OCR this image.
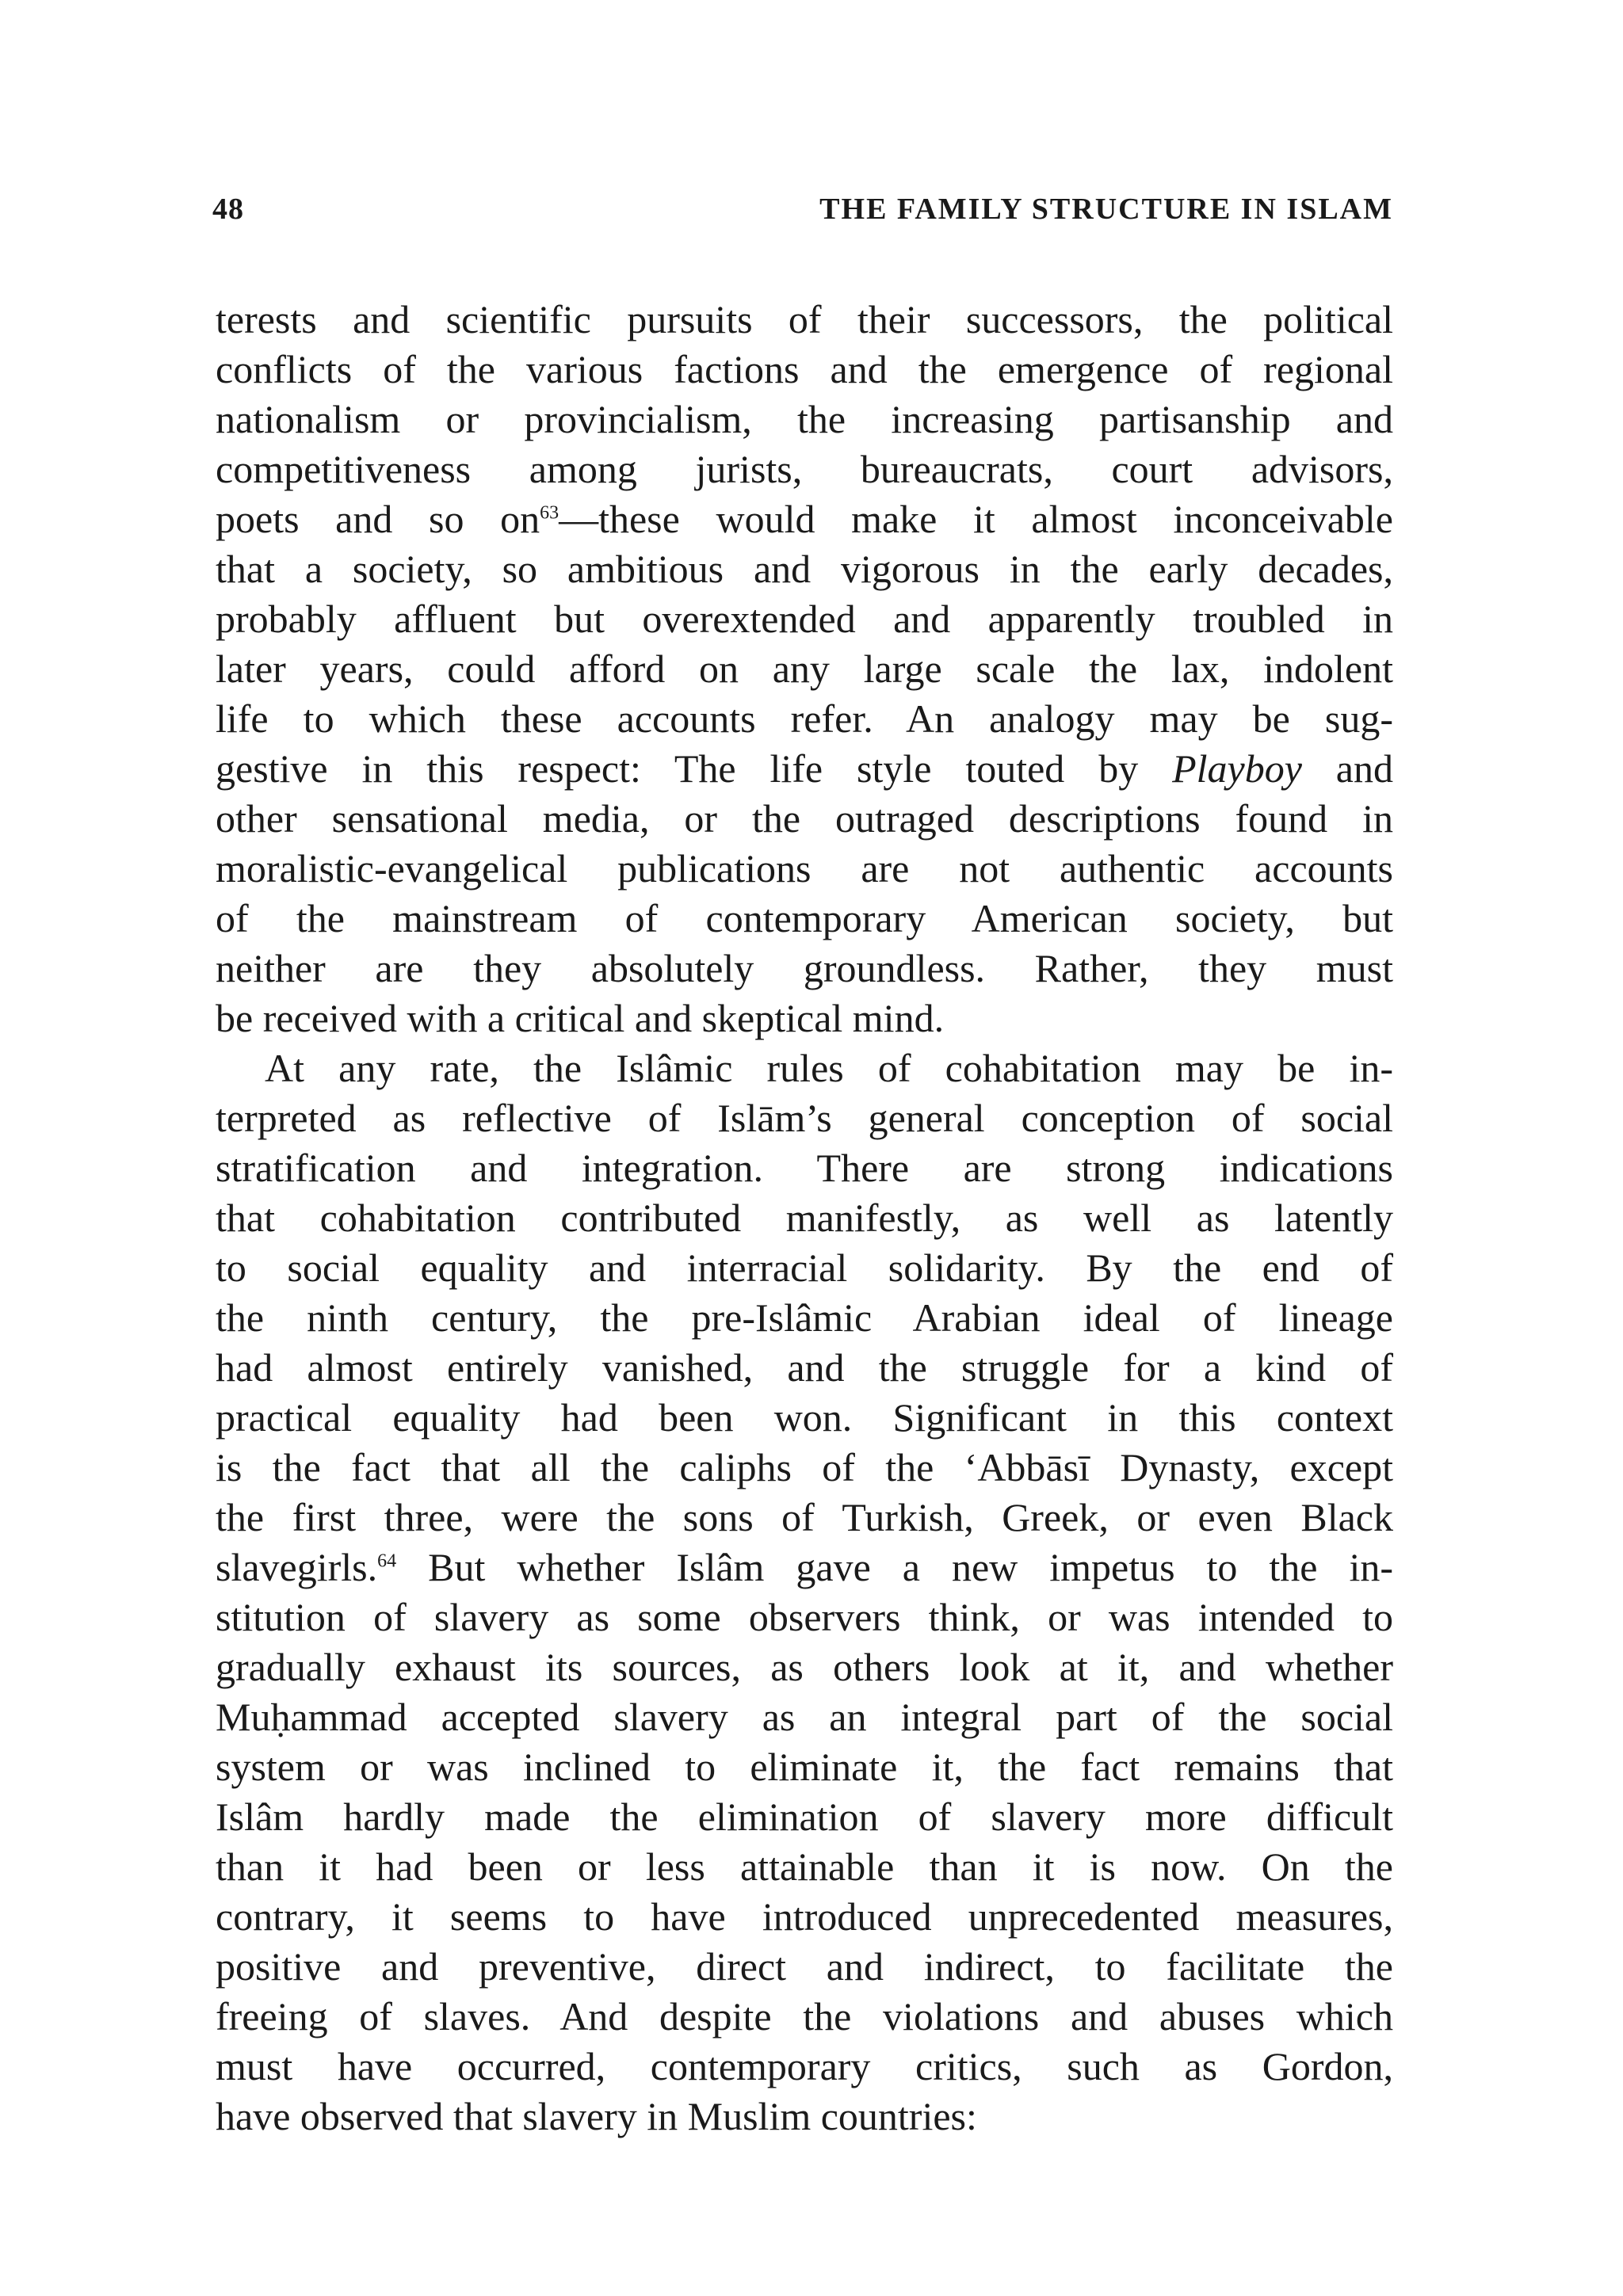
48	THE FAMILY STRUCTURE IN ISLAM
terests and scientific pursuits of their successors, the political
conflicts of the various factions and the emergence of regional
nationalism or provincialism, the increasing partisanship and
competitiveness among jurists, bureaucrats, court advisors,
poets and so $on^{63}—these$ would make it almost inconceivable
that a society, so ambitious and vigorous in the early decades,
probably affluent but overextended and apparently troubled in
later years, could afford on any large scale the lax, indolent
life to which these accounts refer. An analogy may be sug-
gestive in this respect: The life style touted by Playboy and
other sensational media, or the outraged descriptions found in
moralistic-evangelical publications are not authentic accounts
of the mainstream of contemporary American society, but
neither are they absolutely groundless. Rather, they must
be received with a critical and skeptical mind.
At any rate, the Islâmic rules of cohabitation may be in-
terpreted as reflective of Islām’s general conception of social
stratification and integration. There are strong indications
that cohabitation contributed manifestly, as well as latently
to social equality and interracial solidarity. By the end of
the ninth century, the pre-Islâmic Arabian ideal of lineage
had almost entirely vanished, and the struggle for a kind of
practical equality had been won. Significant in this context
is the fact that all the caliphs of the ‘Abbāsī Dynasty, except
the first three, were the sons of Turkish, Greek, or even Black
slavegirls.$^{64}$ But whether Islâm gave a new impetus to the in-
stitution of slavery as some observers think, or was intended to
gradually exhaust its sources, as others look at it, and whether
Muḥammad accepted slavery as an integral part of the social
system or was inclined to eliminate it, the fact remains that
Islâm hardly made the elimination of slavery more difficult
than it had been or less attainable than it is now. On the
contrary, it seems to have introduced unprecedented measures,
positive and preventive, direct and indirect, to facilitate the
freeing of slaves. And despite the violations and abuses which
must have occurred, contemporary critics, such as Gordon,
have observed that slavery in Muslim countries:
